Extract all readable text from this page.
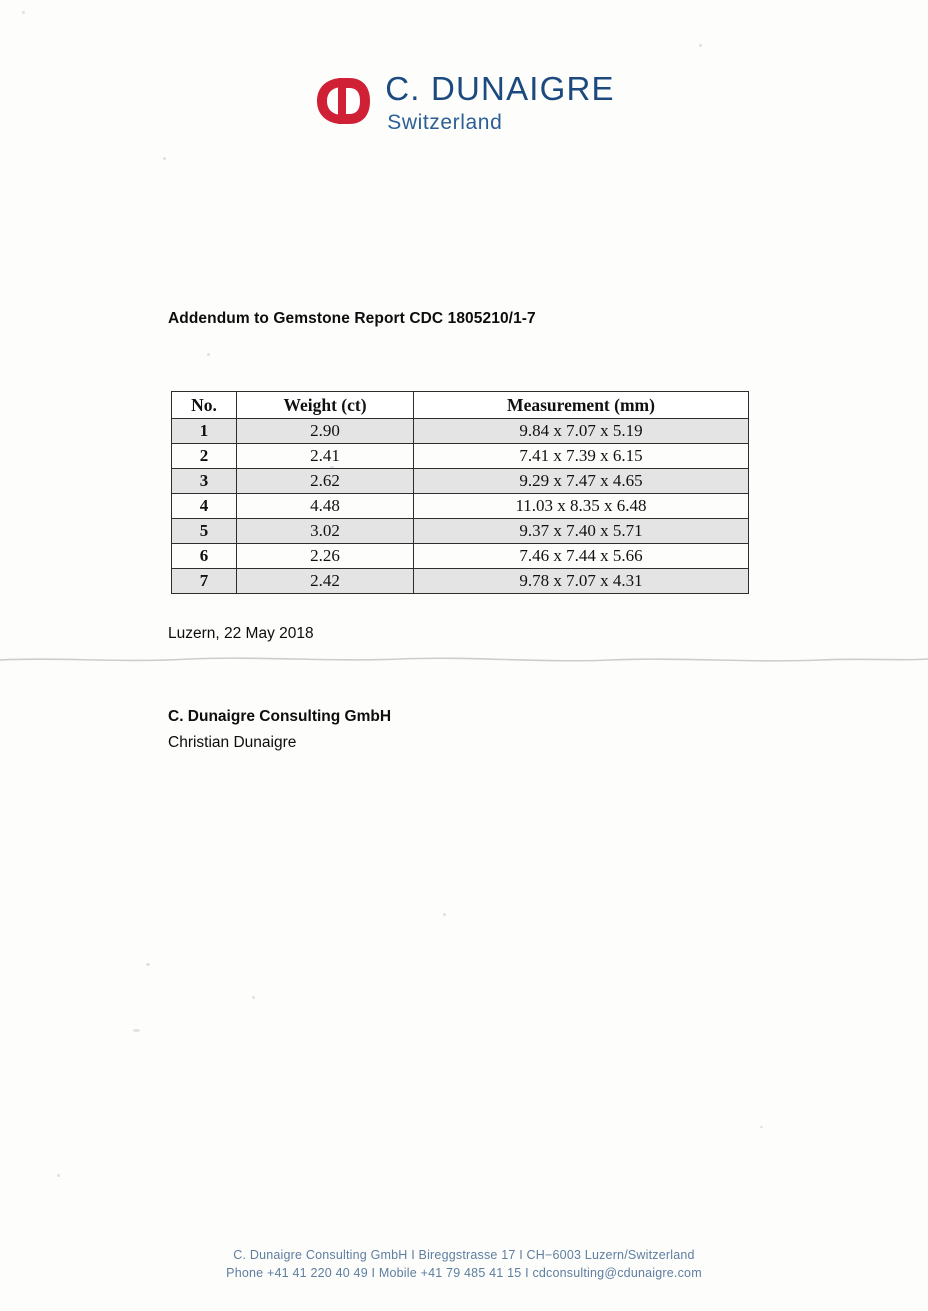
C. DUNAIGRE
Switzerland
Addendum to Gemstone Report CDC 1805210/1-7
No.	Weight (ct)	Measurement (mm)
1	2.90	9.84 x 7.07 x 5.19
2	2.41	7.41 x 7.39 x 6.15
3	2.62	9.29 x 7.47 x 4.65
4	4.48	11.03 x 8.35 x 6.48
5	3.02	9.37 x 7.40 x 5.71
6	2.26	7.46 x 7.44 x 5.66
7	2.42	9.78 x 7.07 x 4.31
Luzern, 22 May 2018
C. Dunaigre Consulting GmbH
Christian Dunaigre
C. Dunaigre Consulting GmbH I Bireggstrasse 17 I CH−6003 Luzern/Switzerland
Phone +41 41 220 40 49 I Mobile +41 79 485 41 15 I cdconsulting@cdunaigre.com
